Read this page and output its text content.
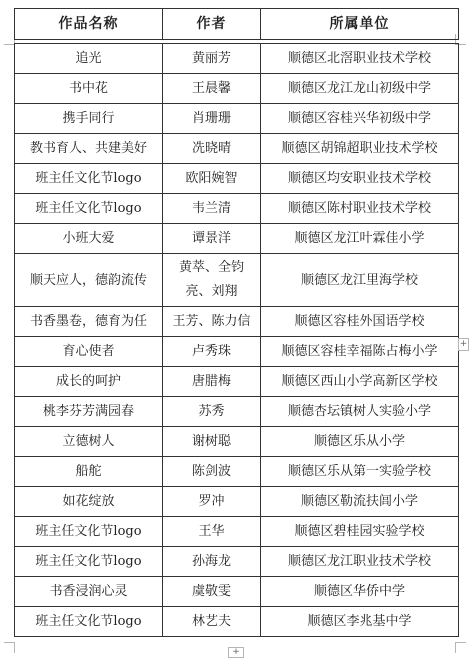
作品名称	作者	所属单位

追光	黄丽芳	顺德区北滘职业技术学校
书中花	王晨馨	顺德区龙江龙山初级中学
携手同行	肖珊珊	顺德区容桂兴华初级中学
教书育人、共建美好	冼晓晴	顺德区胡锦超职业技术学校
班主任文化节logo	欧阳婉智	顺德区均安职业技术学校
班主任文化节logo	韦兰清	顺德区陈村职业技术学校
小班大爱	谭景洋	顺德区龙江叶霖佳小学
顺天应人，德韵流传	黄萃、全钧亮、刘翔	顺德区龙江里海学校
书香墨卷，德育为任	王芳、陈力信	顺德区容桂外国语学校
育心使者	卢秀珠	顺德区容桂幸福陈占梅小学
成长的呵护	唐腊梅	顺德区西山小学高新区学校
桃李芬芳满园春	苏秀	顺德杏坛镇树人实验小学
立德树人	谢树聪	顺德区乐从小学
船舵	陈剑波	顺德区乐从第一实验学校
如花绽放	罗冲	顺德区勒流扶闾小学
班主任文化节logo	王华	顺德区碧桂园实验学校
班主任文化节logo	孙海龙	顺德区龙江职业技术学校
书香浸润心灵	虞敬雯	顺德区华侨中学
班主任文化节logo	林艺夫	顺德区李兆基中学
+
+
